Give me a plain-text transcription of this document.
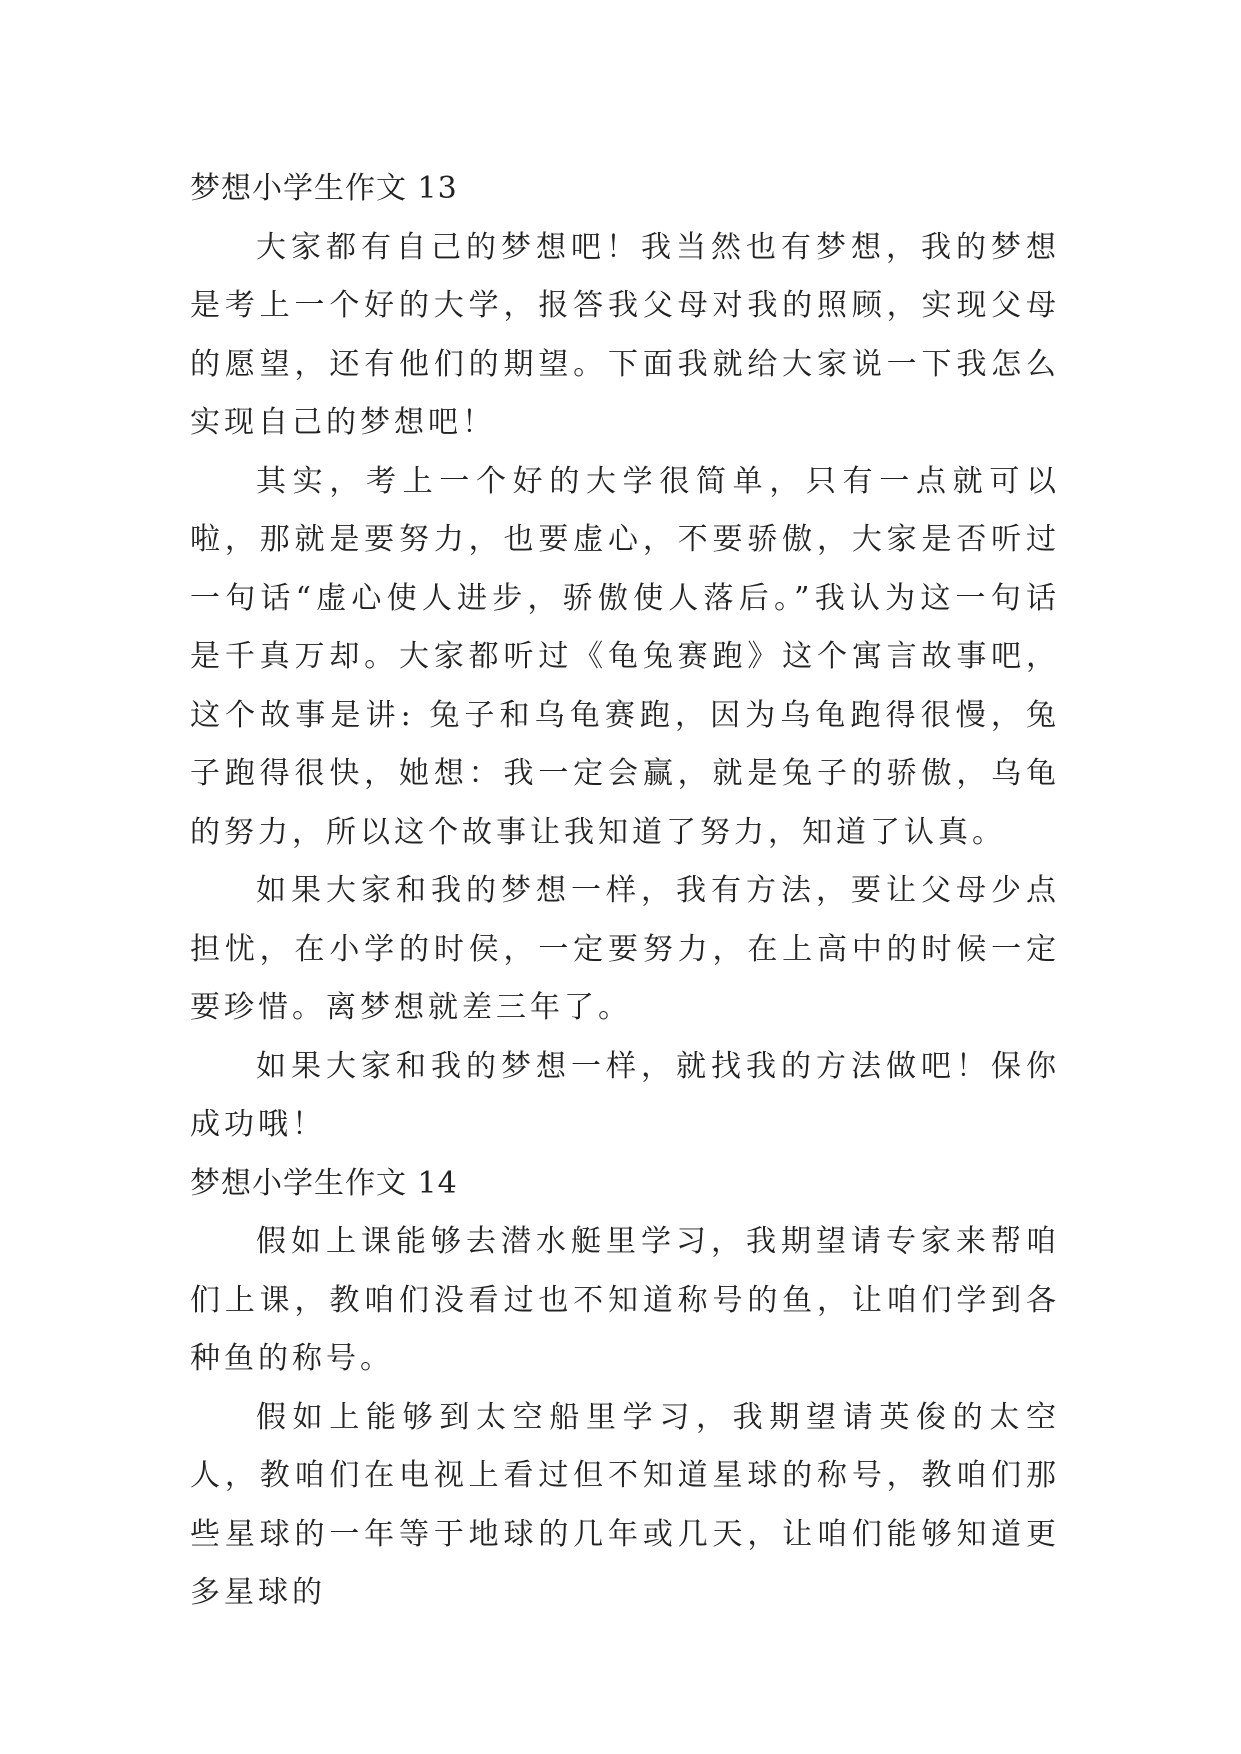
梦想小学生作文 13

大家都有自己的梦想吧！我当然也有梦想，我的梦想是考上一个好的大学，报答我父母对我的照顾，实现父母的愿望，还有他们的期望。下面我就给大家说一下我怎么实现自己的梦想吧！

其实，考上一个好的大学很简单，只有一点就可以啦，那就是要努力，也要虚心，不要骄傲，大家是否听过一句话“虚心使人进步，骄傲使人落后。”我认为这一句话是千真万却。大家都听过《龟兔赛跑》这个寓言故事吧，这个故事是讲: 兔子和乌龟赛跑，因为乌龟跑得很慢，兔子跑得很快，她想：我一定会赢，就是兔子的骄傲，乌龟的努力，所以这个故事让我知道了努力，知道了认真。

如果大家和我的梦想一样，我有方法，要让父母少点担忧，在小学的时侯，一定要努力，在上高中的时候一定要珍惜。离梦想就差三年了。

如果大家和我的梦想一样，就找我的方法做吧！保你成功哦！

梦想小学生作文 14

假如上课能够去潜水艇里学习，我期望请专家来帮咱们上课，教咱们没看过也不知道称号的鱼，让咱们学到各种鱼的称号。

假如上能够到太空船里学习，我期望请英俊的太空人，教咱们在电视上看过但不知道星球的称号，教咱们那些星球的一年等于地球的几年或几天，让咱们能够知道更多星球的
